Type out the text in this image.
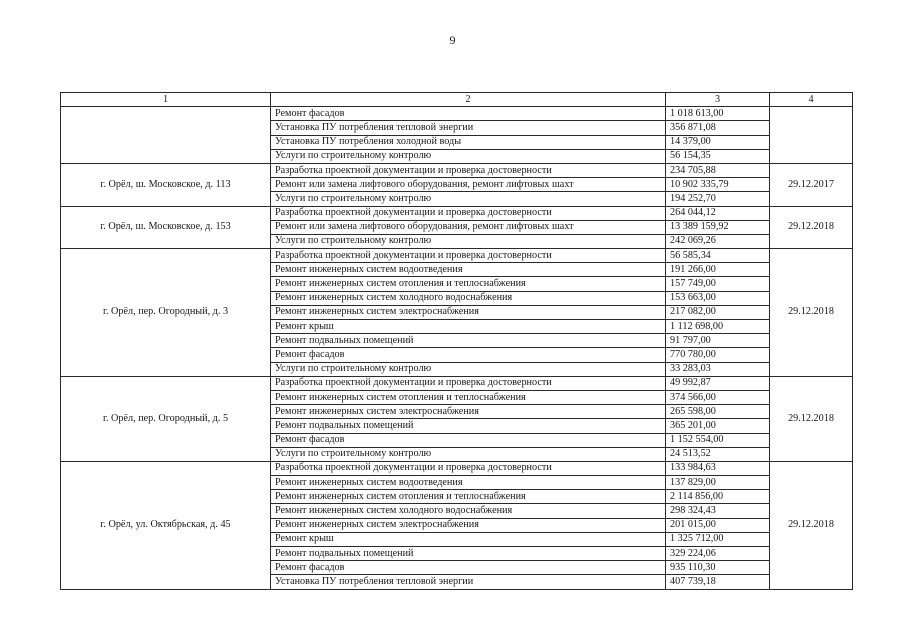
9
1	2	3	4
	Ремонт фасадов	1 018 613,00	
	Установка ПУ потребления тепловой энергии	356 871,08	
	Установка ПУ потребления холодной воды	14 379,00	
	Услуги по строительному контролю	56 154,35	
г. Орёл, ш. Московское, д. 113	Разработка проектной документации и проверка достоверности	234 705,88	29.12.2017
	Ремонт или замена лифтового оборудования, ремонт лифтовых шахт	10 902 335,79	
	Услуги по строительному контролю	194 252,70	
г. Орёл, ш. Московское, д. 153	Разработка проектной документации и проверка достоверности	264 044,12	29.12.2018
	Ремонт или замена лифтового оборудования, ремонт лифтовых шахт	13 389 159,92	
	Услуги по строительному контролю	242 069,26	
г. Орёл, пер. Огородный, д. 3	Разработка проектной документации и проверка достоверности	56 585,34	29.12.2018
	Ремонт инженерных систем водоотведения	191 266,00	
	Ремонт инженерных систем отопления и теплоснабжения	157 749,00	
	Ремонт инженерных систем холодного водоснабжения	153 663,00	
	Ремонт инженерных систем электроснабжения	217 082,00	
	Ремонт крыш	1 112 698,00	
	Ремонт подвальных помещений	91 797,00	
	Ремонт фасадов	770 780,00	
	Услуги по строительному контролю	33 283,03	
г. Орёл, пер. Огородный, д. 5	Разработка проектной документации и проверка достоверности	49 992,87	29.12.2018
	Ремонт инженерных систем отопления и теплоснабжения	374 566,00	
	Ремонт инженерных систем электроснабжения	265 598,00	
	Ремонт подвальных помещений	365 201,00	
	Ремонт фасадов	1 152 554,00	
	Услуги по строительному контролю	24 513,52	
г. Орёл, ул. Октябрьская, д. 45	Разработка проектной документации и проверка достоверности	133 984,63	29.12.2018
	Ремонт инженерных систем водоотведения	137 829,00	
	Ремонт инженерных систем отопления и теплоснабжения	2 114 856,00	
	Ремонт инженерных систем холодного водоснабжения	298 324,43	
	Ремонт инженерных систем электроснабжения	201 015,00	
	Ремонт крыш	1 325 712,00	
	Ремонт подвальных помещений	329 224,06	
	Ремонт фасадов	935 110,30	
	Установка ПУ потребления тепловой энергии	407 739,18	
